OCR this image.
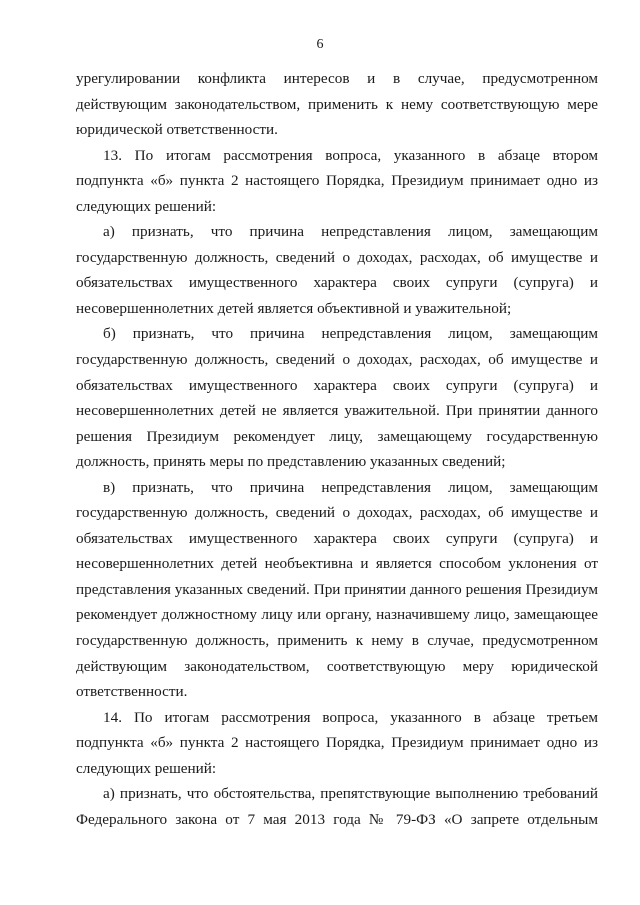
6

урегулировании конфликта интересов и в случае, предусмотренном
действующим законодательством, применить к нему соответствующую мере
юридической ответственности.

13. По итогам рассмотрения вопроса, указанного в абзаце втором
подпункта «б» пункта 2 настоящего Порядка, Президиум принимает одно из
следующих решений:

а) признать, что причина непредставления лицом, замещающим
государственную должность, сведений о доходах, расходах, об имуществе и
обязательствах имущественного характера своих супруги (супруга) и
несовершеннолетних детей является объективной и уважительной;

б) признать, что причина непредставления лицом, замещающим
государственную должность, сведений о доходах, расходах, об имуществе и
обязательствах имущественного характера своих супруги (супруга) и
несовершеннолетних детей не является уважительной. При принятии данного
решения Президиум рекомендует лицу, замещающему государственную
должность, принять меры по представлению указанных сведений;

в) признать, что причина непредставления лицом, замещающим
государственную должность, сведений о доходах, расходах, об имуществе и
обязательствах имущественного характера своих супруги (супруга) и
несовершеннолетних детей необъективна и является способом уклонения от
представления указанных сведений. При принятии данного решения Президиум
рекомендует должностному лицу или органу, назначившему лицо, замещающее
государственную должность, применить к нему в случае, предусмотренном
действующим законодательством, соответствующую меру юридической
ответственности.

14. По итогам рассмотрения вопроса, указанного в абзаце третьем
подпункта «б» пункта 2 настоящего Порядка, Президиум принимает одно из
следующих решений:

а) признать, что обстоятельства, препятствующие выполнению требований
Федерального закона от 7 мая 2013 года № 79-ФЗ «О запрете отдельным
